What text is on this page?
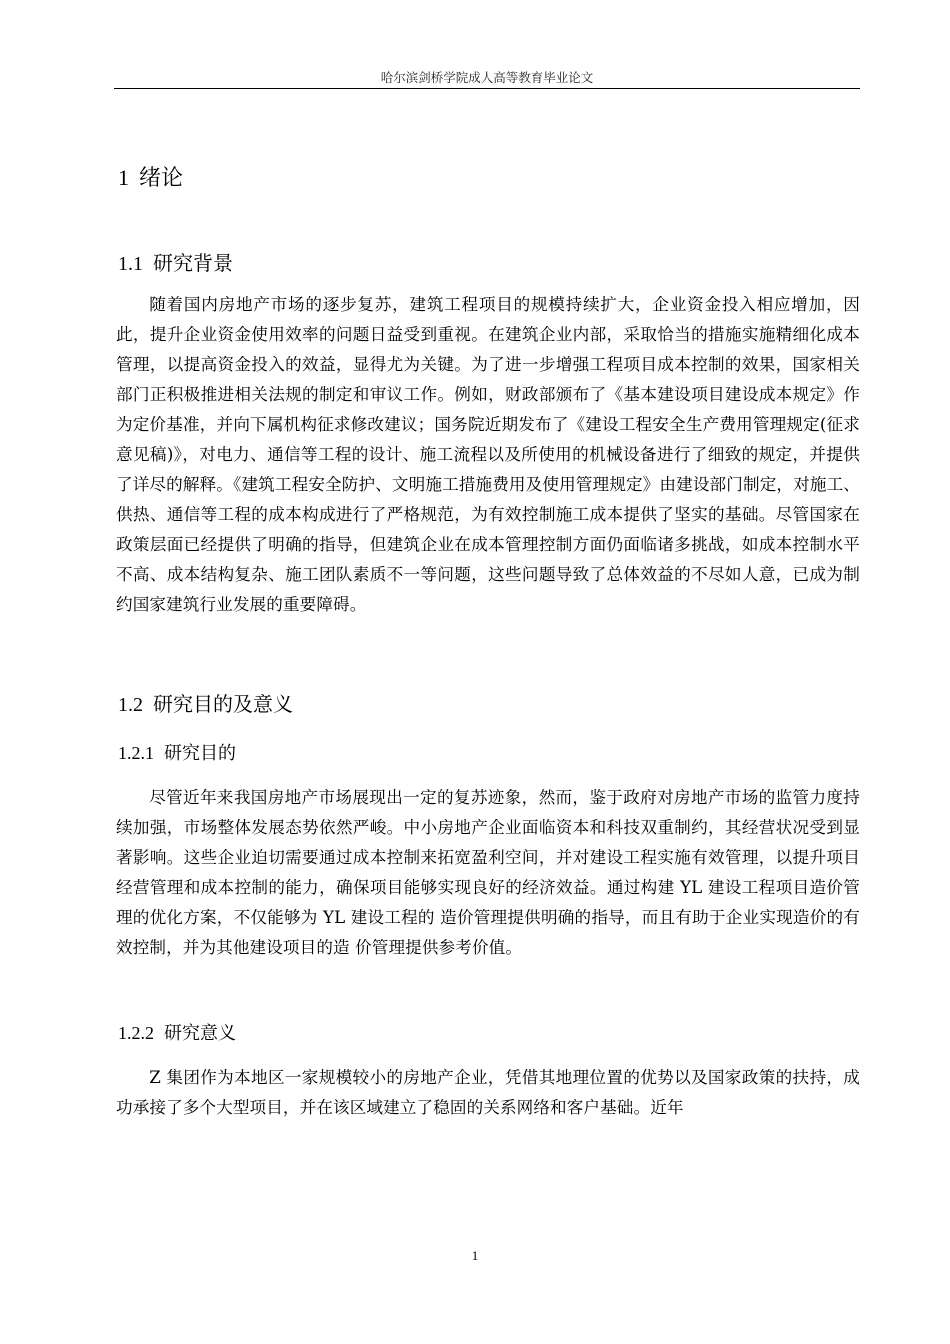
哈尔滨剑桥学院成人高等教育毕业论文
1 绪论
1.1 研究背景
随着国内房地产市场的逐步复苏，建筑工程项目的规模持续扩大，企业资金投入相应增加，因此，提升企业资金使用效率的问题日益受到重视。在建筑企业内部，采取恰当的措施实施精细化成本管理，以提高资金投入的效益，显得尤为关键。为了进一步增强工程项目成本控制的效果，国家相关部门正积极推进相关法规的制定和审议工作。例如，财政部颁布了《基本建设项目建设成本规定》作为定价基准，并向下属机构征求修改建议；国务院近期发布了《建设工程安全生产费用管理规定(征求意见稿)》，对电力、通信等工程的设计、施工流程以及所使用的机械设备进行了细致的规定，并提供了详尽的解释。《建筑工程安全防护、文明施工措施费用及使用管理规定》由建设部门制定，对施工、供热、通信等工程的成本构成进行了严格规范，为有效控制施工成本提供了坚实的基础。尽管国家在政策层面已经提供了明确的指导，但建筑企业在成本管理控制方面仍面临诸多挑战，如成本控制水平不高、成本结构复杂、施工团队素质不一等问题，这些问题导致了总体效益的不尽如人意，已成为制约国家建筑行业发展的重要障碍。
1.2 研究目的及意义
1.2.1 研究目的
尽管近年来我国房地产市场展现出一定的复苏迹象，然而，鉴于政府对房地产市场的监管力度持续加强，市场整体发展态势依然严峻。中小房地产企业面临资本和科技双重制约，其经营状况受到显著影响。这些企业迫切需要通过成本控制来拓宽盈利空间，并对建设工程实施有效管理，以提升项目经营管理和成本控制的能力，确保项目能够实现良好的经济效益。通过构建 YL 建设工程项目造价管理的优化方案，不仅能够为 YL 建设工程的 造价管理提供明确的指导，而且有助于企业实现造价的有效控制，并为其他建设项目的造 价管理提供参考价值。
1.2.2 研究意义
Z 集团作为本地区一家规模较小的房地产企业，凭借其地理位置的优势以及国家政策的扶持，成功承接了多个大型项目，并在该区域建立了稳固的关系网络和客户基础。近年
1
